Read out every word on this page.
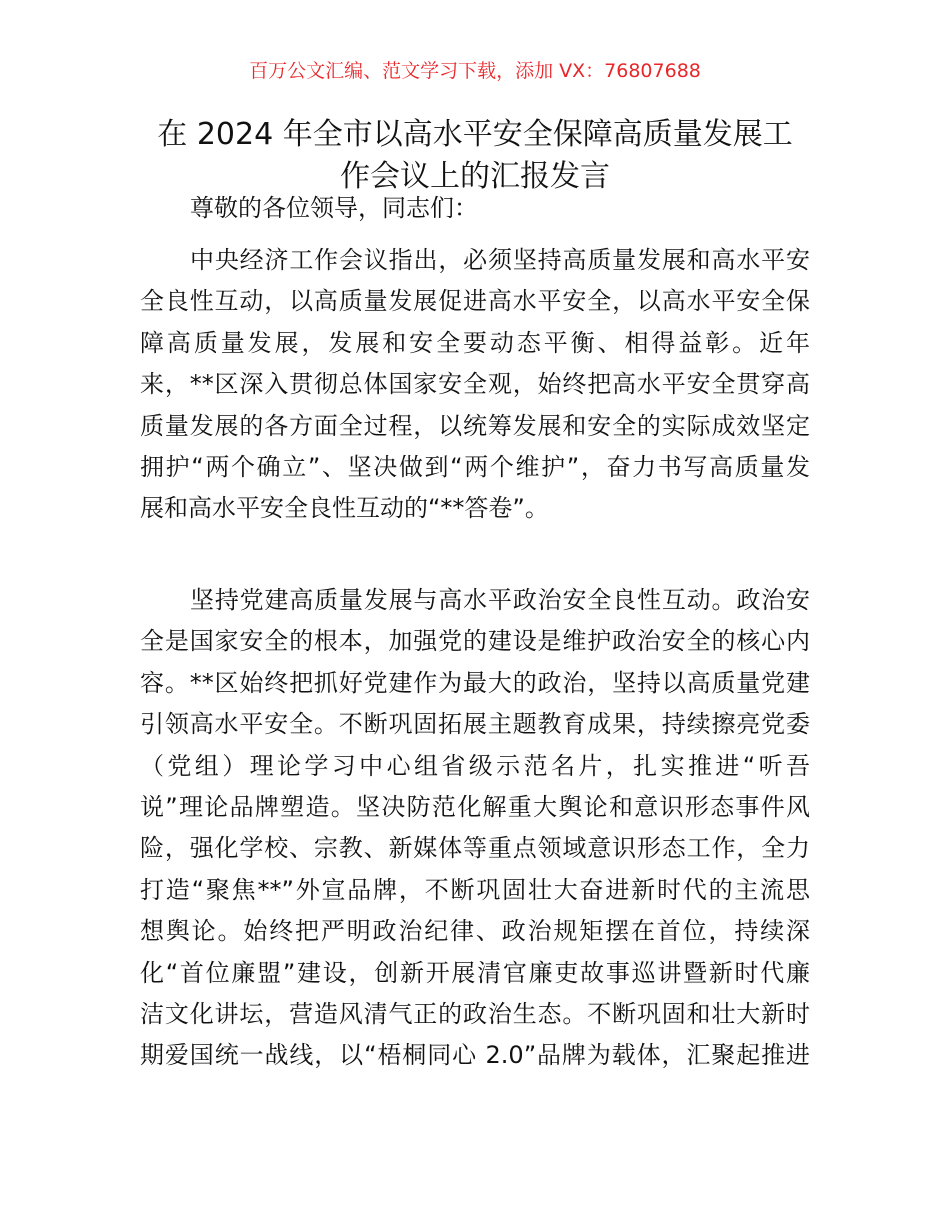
百万公文汇编、范文学习下载，添加 VX：76807688
在 2024 年全市以高水平安全保障高质量发展工
作会议上的汇报发言
尊敬的各位领导，同志们：
中央经济工作会议指出，必须坚持高质量发展和高水平安
全良性互动，以高质量发展促进高水平安全，以高水平安全保
障高质量发展，发展和安全要动态平衡、相得益彰。近年
来，**区深入贯彻总体国家安全观，始终把高水平安全贯穿高
质量发展的各方面全过程，以统筹发展和安全的实际成效坚定
拥护“两个确立”、坚决做到“两个维护”，奋力书写高质量发
展和高水平安全良性互动的“**答卷”。
坚持党建高质量发展与高水平政治安全良性互动。政治安
全是国家安全的根本，加强党的建设是维护政治安全的核心内
容。**区始终把抓好党建作为最大的政治，坚持以高质量党建
引领高水平安全。不断巩固拓展主题教育成果，持续擦亮党委
（党组）理论学习中心组省级示范名片，扎实推进“听吾
说”理论品牌塑造。坚决防范化解重大舆论和意识形态事件风
险，强化学校、宗教、新媒体等重点领域意识形态工作，全力
打造“聚焦**”外宣品牌，不断巩固壮大奋进新时代的主流思
想舆论。始终把严明政治纪律、政治规矩摆在首位，持续深
化“首位廉盟”建设，创新开展清官廉吏故事巡讲暨新时代廉
洁文化讲坛，营造风清气正的政治生态。不断巩固和壮大新时
期爱国统一战线，以“梧桐同心 2.0”品牌为载体，汇聚起推进
